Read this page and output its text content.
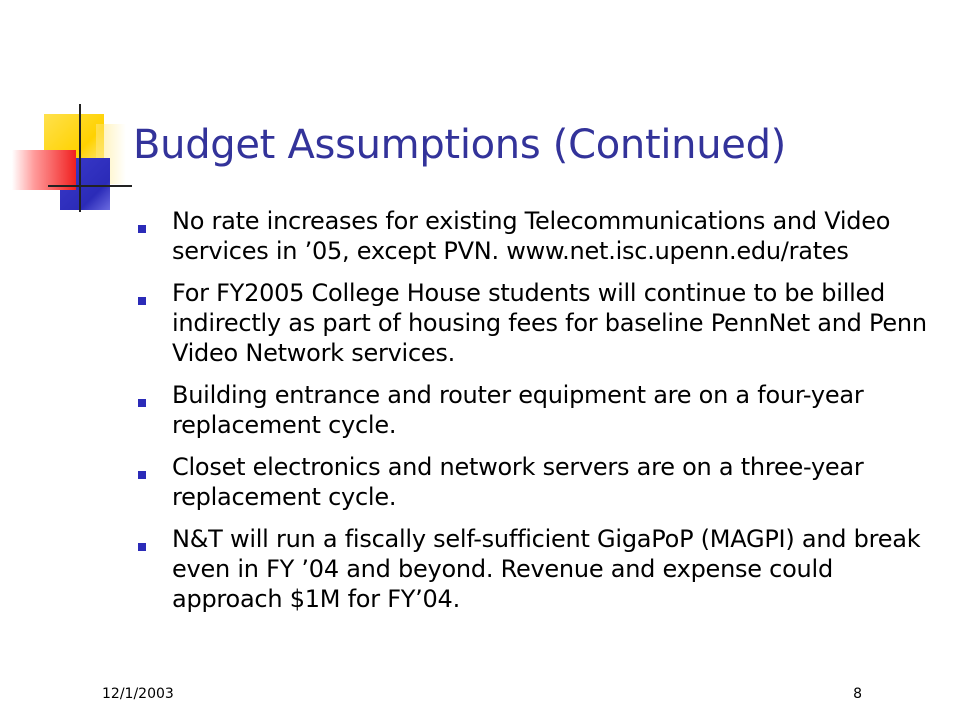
Budget Assumptions (Continued)
No rate increases for existing Telecommunications and Video services in ’05, except PVN. www.net.isc.upenn.edu/rates
For FY2005 College House students will continue to be billed indirectly as part of housing fees for baseline PennNet and Penn Video Network services.
Building entrance and router equipment are on a four-year replacement cycle.
Closet electronics and network servers are on a three-year replacement cycle.
N&T will run a fiscally self-sufficient GigaPoP (MAGPI) and break even in FY ’04 and beyond. Revenue and expense could approach $1M for FY’04.
12/1/2003	8
